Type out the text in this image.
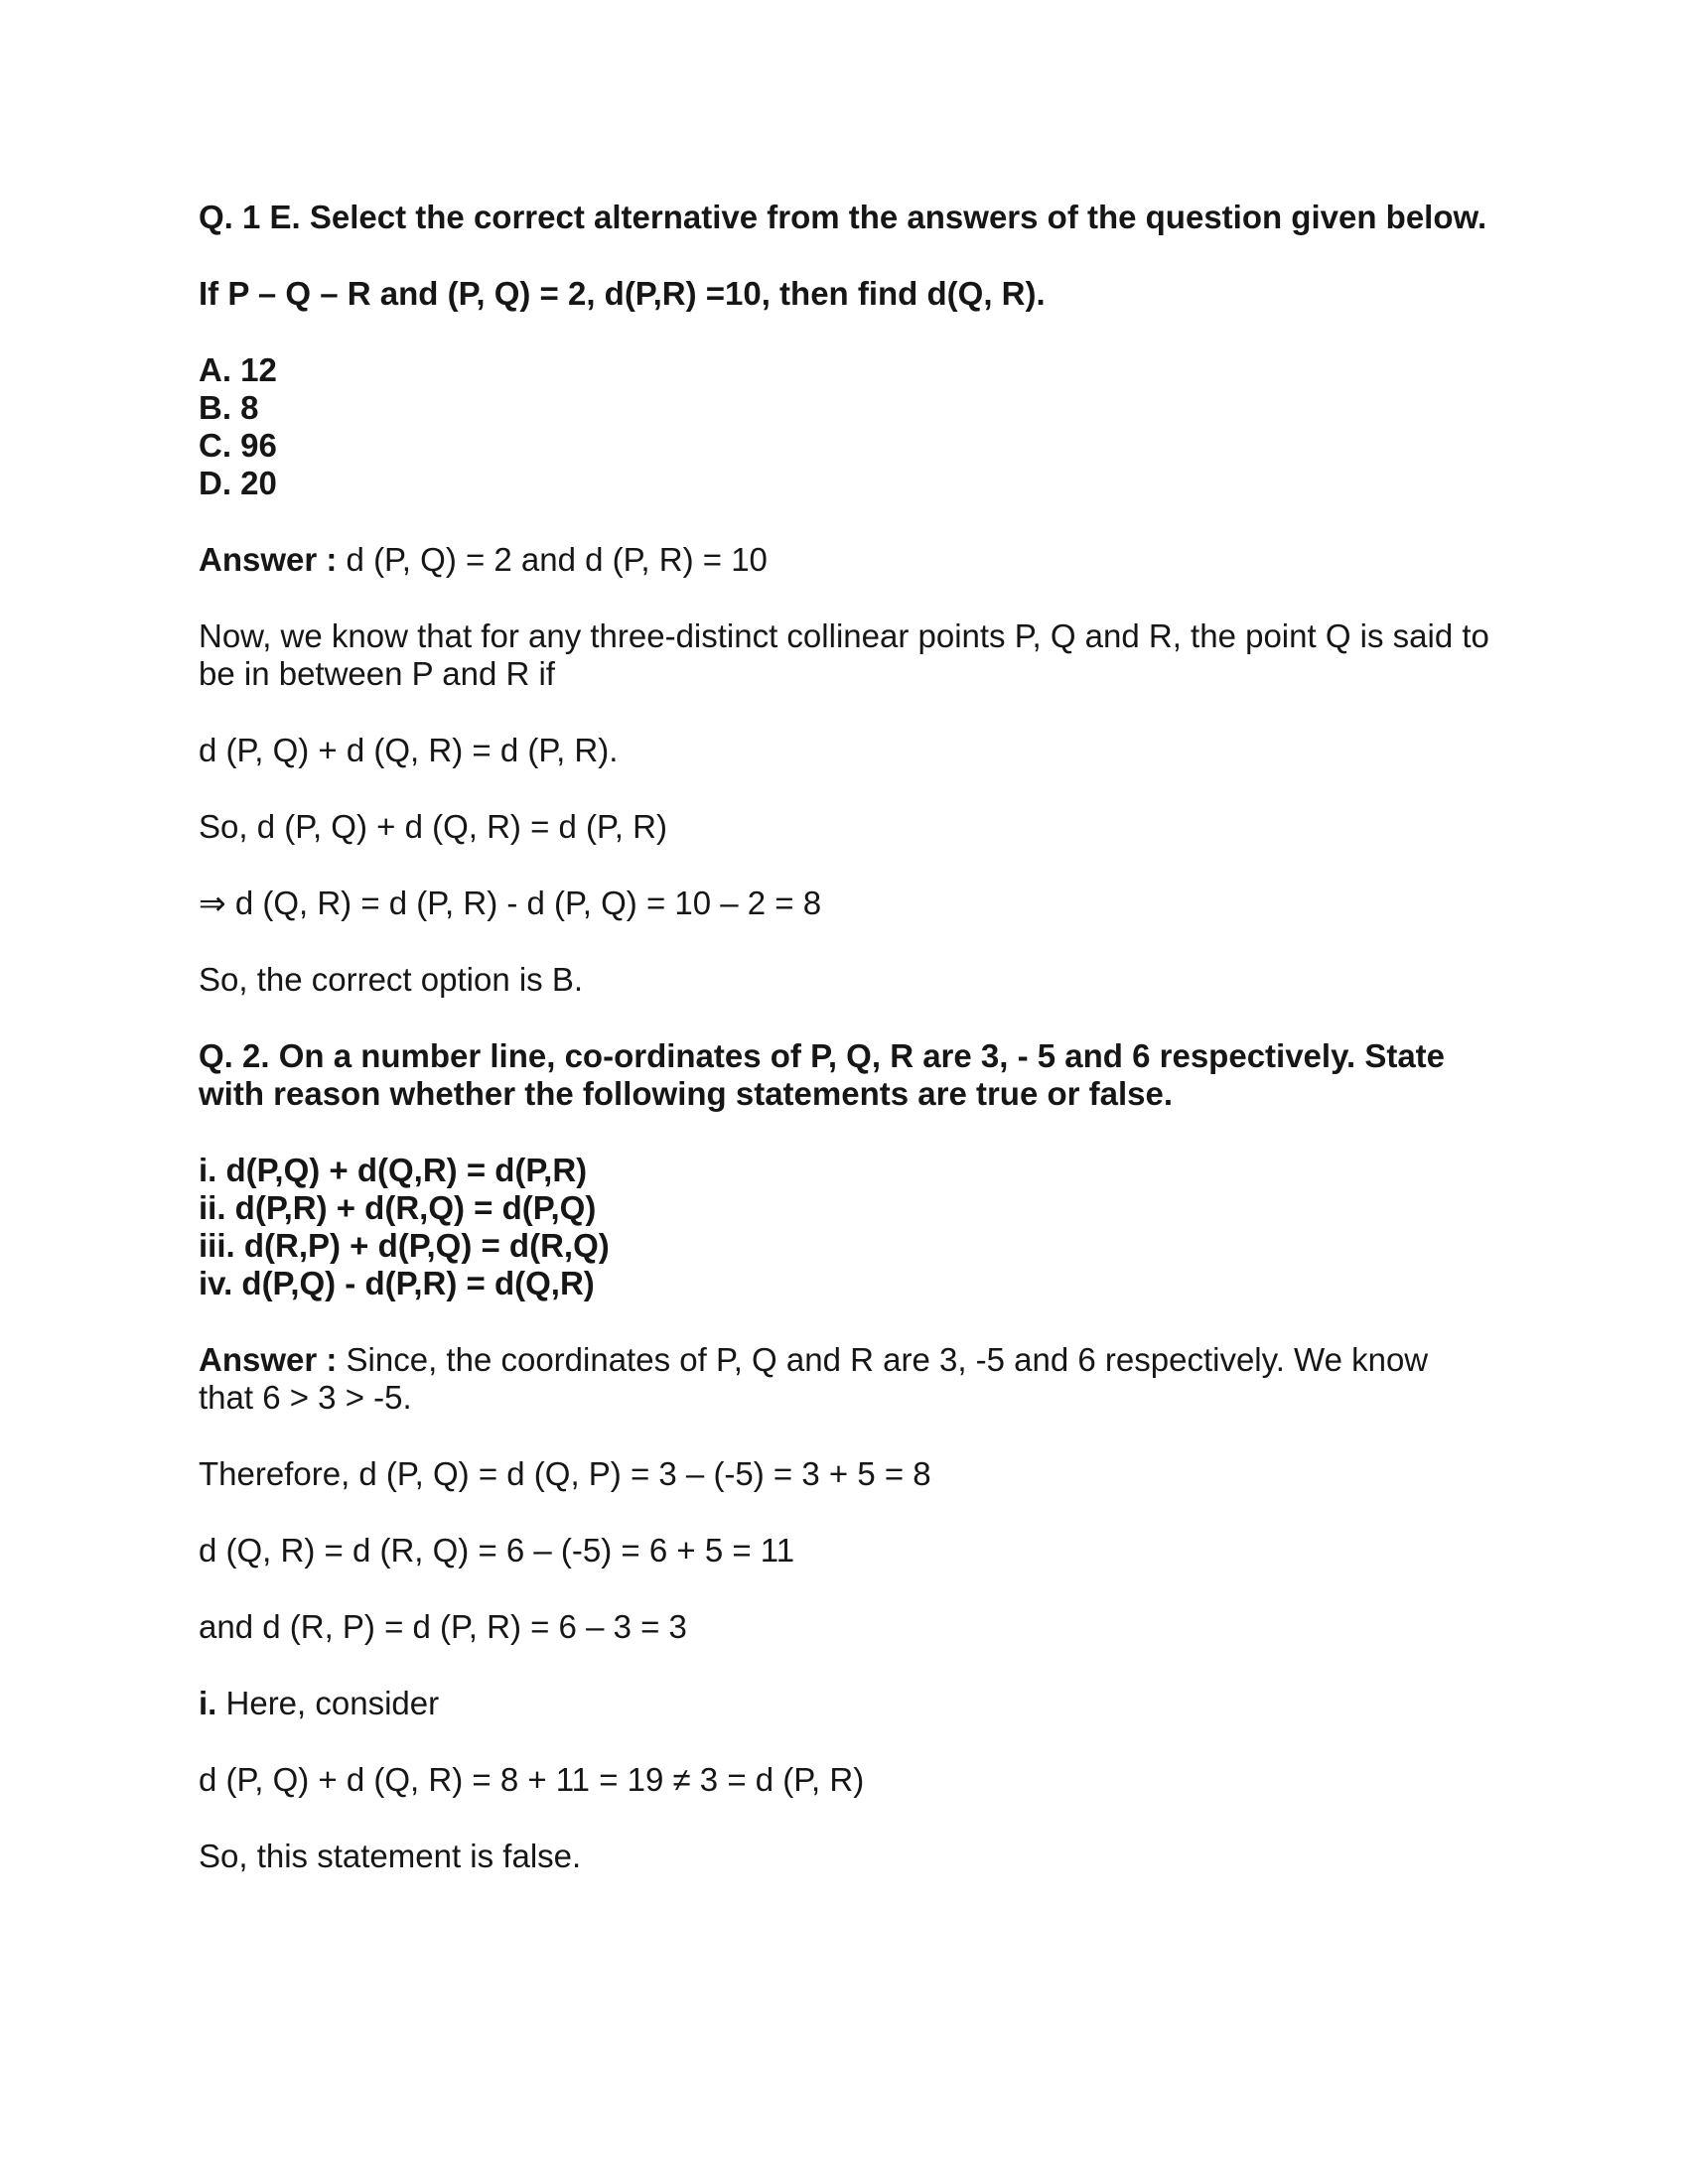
Q. 1 E. Select the correct alternative from the answers of the question given below.

If P – Q – R and (P, Q) = 2, d(P,R) =10, then find d(Q, R).

A. 12
B. 8
C. 96
D. 20

Answer : d (P, Q) = 2 and d (P, R) = 10

Now, we know that for any three-distinct collinear points P, Q and R, the point Q is said to be in between P and R if

d (P, Q) + d (Q, R) = d (P, R).

So, d (P, Q) + d (Q, R) = d (P, R)

⇒ d (Q, R) = d (P, R) - d (P, Q) = 10 – 2 = 8

So, the correct option is B.

Q. 2. On a number line, co-ordinates of P, Q, R are 3, - 5 and 6 respectively. State with reason whether the following statements are true or false.

i. d(P,Q) + d(Q,R) = d(P,R)
ii. d(P,R) + d(R,Q) = d(P,Q)
iii. d(R,P) + d(P,Q) = d(R,Q)
iv. d(P,Q) - d(P,R) = d(Q,R)

Answer : Since, the coordinates of P, Q and R are 3, -5 and 6 respectively. We know that 6 > 3 > -5.

Therefore, d (P, Q) = d (Q, P) = 3 – (-5) = 3 + 5 = 8

d (Q, R) = d (R, Q) = 6 – (-5) = 6 + 5 = 11

and d (R, P) = d (P, R) = 6 – 3 = 3

i. Here, consider

d (P, Q) + d (Q, R) = 8 + 11 = 19 ≠ 3 = d (P, R)

So, this statement is false.
